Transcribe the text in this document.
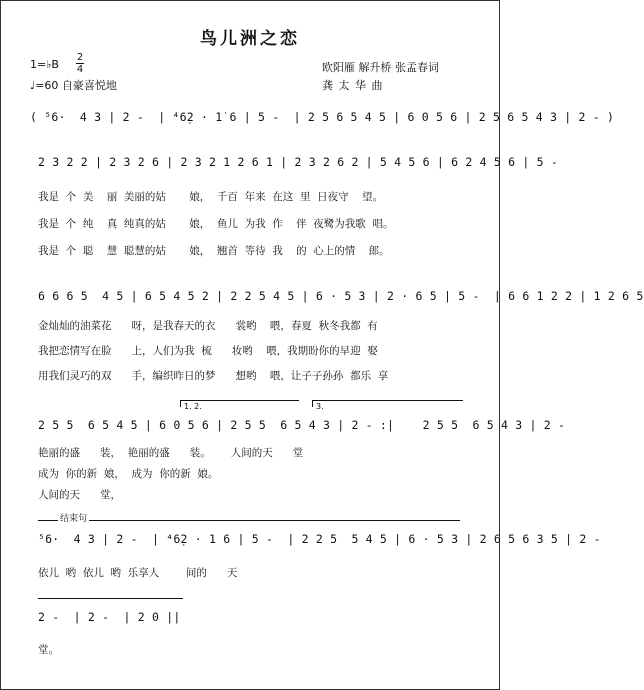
鸟儿洲之恋
1=♭B
2
4
♩=60 自豪喜悦地
欧阳雁 解升桥 张孟春词
龚 太 华 曲
( ⁵6·  4 3 | 2 -  | ⁴6̣2 · 1̇ 6 | 5 -  | 2 5 6 5 4 5 | 6 0 5 6 | 2 5 6 5 4 3 | 2 - )
2 3 2 2 | 2 3 2 6 | 2 3 2 1 2 6 1 | 2 3 2 6 2 | 5 4 5 6 | 6 2 4 5 6 | 5 -
我是  个  美    丽  美丽的姑       娘，  千百  年来  在这  里  日夜守    望。
我是  个  纯    真  纯真的姑       娘，  鱼儿  为我  作    伴  夜鹭为我歌  唱。
我是  个  聪    慧  聪慧的姑       娘，  翘首  等待  我    的  心上的情    郎。
6 6 6 5  4 5 | 6 5 4 5 2 | 2 2 5 4 5 | 6 · 5 3 | 2 · 6 5 | 5 -  | 6 6 1 2 2 | 1 2 6 5
金灿灿的油菜花      呀，是我春天的衣      裳哟    喂，春夏  秋冬我都  有
我把恋情写在脸      上，人们为我  梳      妆哟    喂，我期盼你的早迎  娶
用我们灵巧的双      手，编织昨日的梦      想哟    喂，让子子孙孙  都乐  享
1. 2.	3.
2 5 5  6 5 4 5 | 6 0 5 6 | 2 5 5  6 5 4 3 | 2 - :|    2 5 5  6 5 4 3 | 2 -
艳丽的盛      装，  艳丽的盛      装。      人间的天      堂
成为  你的新  娘，  成为  你的新  娘。
人间的天      堂，
结束句
⁵6·  4 3 | 2 -  | ⁴6̣2 · 1 6 | 5 -  | 2 2 5  5 4 5 | 6 · 5 3 | 2 6 5 6 3 5 | 2 -
依儿  哟  依儿  哟  乐享人        间的      天
2 -  | 2 -  | 2 0 ||
堂。
